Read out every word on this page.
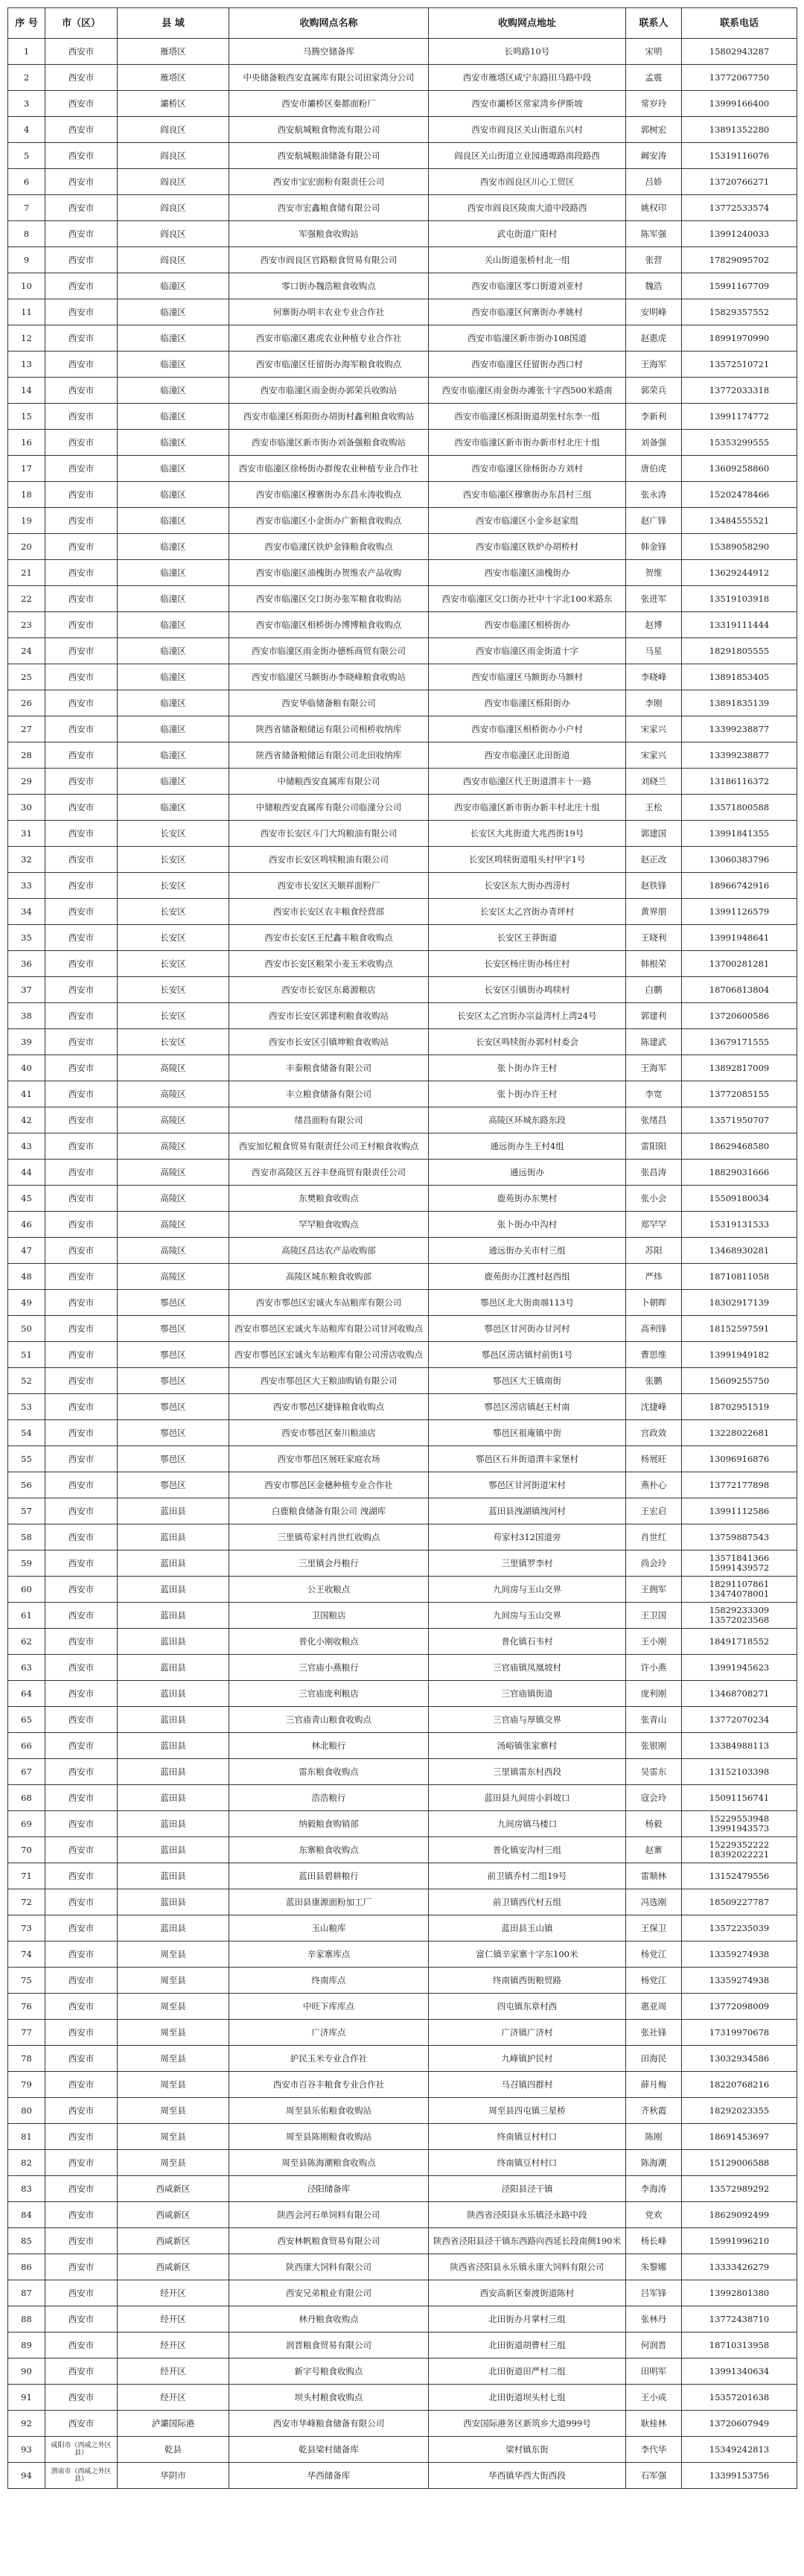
序 号	市（区）	县 域	收购网点名称	收购网点地址	联系人	联系电话
1	西安市	雁塔区	马腾空储备库	长鸣路10号	宋明	15802943287
2	西安市	雁塔区	中央储备粮西安直属库有限公司田家湾分公司	西安市雁塔区咸宁东路田马路中段	孟震	13772067750
3	西安市	灞桥区	西安市灞桥区秦都面粉厂	西安市灞桥区常家湾乡伊斯坡	常岁玲	13999166400
4	西安市	阎良区	西安航城粮食物流有限公司	西安市阎良区关山街道东兴村	郭树宏	13891352280
5	西安市	阎良区	西安航城粮油储备有限公司	阎良区关山街道立业园通塬路南段路西	阚安涛	15319116076
6	西安市	阎良区	西安市宝宏面粉有限责任公司	西安市阎良区川心工贸区	吕娇	13720766271
7	西安市	阎良区	西安市宏鑫粮食储有限公司	西安市阎良区陵南大道中段路西	姚权印	13772533574
8	西安市	阎良区	军强粮食收购站	武屯街道广阳村	陈军强	13991240033
9	西安市	阎良区	西安市阎良区官路粮食贸易有限公司	关山街道张桥村北一组	张营	17829095702
10	西安市	临潼区	零口街办魏浩粮食收购点	西安市临潼区零口街道刘亚村	魏浩	15991167709
11	西安市	临潼区	何寨街办明丰农业专业合作社	西安市临潼区何寨街办孝姚村	安明峰	15829357552
12	西安市	临潼区	西安市临潼区惠虎农业种植专业合作社	西安市临潼区新市街办108国道	赵惠虎	18991970990
13	西安市	临潼区	西安市临潼区任留街办海军粮食收购点	西安市临潼区任留街办西口村	王海军	13572510721
14	西安市	临潼区	西安市临潼区雨金街办郭荣兵收购站	西安市临潼区雨金街办滩张十字西500米路南	郭荣兵	13772033318
15	西安市	临潼区	西安市临潼区栎阳街办胡街村鑫利粮食收购站	西安市临潼区栎阳街道胡张村东李一组	李新利	13991174772
16	西安市	临潼区	西安市临潼区新市街办刘备强粮食收购站	西安市临潼区新市街办新市村北庄十组	刘备强	15353299555
17	西安市	临潼区	西安市临潼区徐杨街办群俊农业种植专业合作社	西安市临潼区徐杨街办方刘村	唐伯虎	13609258860
18	西安市	临潼区	西安市临潼区穆寨街办东昌永涛收购点	西安市临潼区穆寨街办东昌村三组	张永涛	15202478466
19	西安市	临潼区	西安市临潼区小金街办广新粮食收购点	西安市临潼区小金乡赵家组	赵广锋	13484555521
20	西安市	临潼区	西安市临潼区铁炉金锋粮食收购点	西安市临潼区铁炉办胡桥村	韩金锋	15389058290
21	西安市	临潼区	西安市临潼区油槐街办贺维农产品收购	西安市临潼区油槐街办	贺维	13629244912
22	西安市	临潼区	西安市临潼区交口街办张军粮食收购站	西安市临潼区交口街办社中十字北100米路东	张进军	13519103918
23	西安市	临潼区	西安市临潼区相桥街办博博粮食收购点	西安市临潼区相桥街办	赵博	13319111444
24	西安市	临潼区	西安市临潼区雨金街办德栎商贸有限公司	西安市临潼区雨金街道十字	马星	18291805555
25	西安市	临潼区	西安市临潼区马额街办李晓峰粮食收购站	西安市临潼区马额街办马额村	李晓峰	13891853405
26	西安市	临潼区	西安华临储备粮有限公司	西安市临潼区栎阳街办	李刚	13891835139
27	西安市	临潼区	陕西省储备粮储运有限公司相桥收纳库	西安市临潼区相桥街办小户村	宋家兴	13399238877
28	西安市	临潼区	陕西省储备粮储运有限公司北田收纳库	西安市临潼区北田街道	宋家兴	13399238877
29	西安市	临潼区	中储粮西安直属库有限公司	西安市临潼区代王街道渭丰十一路	刘晓兰	13186116372
30	西安市	临潼区	中储粮西安直属库有限公司临潼分公司	西安市临潼区新市街办新丰村北庄十组	王松	13571800588
31	西安市	长安区	西安市长安区斗门大坞粮油有限公司	长安区大兆街道大兆西街19号	郭建国	13991841355
32	西安市	长安区	西安市长安区鸣犊粮油有限公司	长安区鸣犊街道咀头村甲字1号	赵正改	13060383796
33	西安市	长安区	西安市长安区天顺祥面粉厂	长安区东大街办西涝村	赵铁锋	18966742916
34	西安市	长安区	西安市长安区农丰粮食经营部	长安区太乙宫街办青坪村	黄界朋	13991126579
35	西安市	长安区	西安市长安区王纪鑫丰粮食收购点	长安区王莽街道	王晓利	13991948641
36	西安市	长安区	西安市长安区粮荣小麦玉米收购点	长安区杨庄街办杨庄村	韩根荣	13700281281
37	西安市	长安区	西安市长安区东葛源粮店	长安区引镇街办鸣犊村	白鹏	18706813804
38	西安市	长安区	西安市长安区郭建利粮食收购站	长安区太乙宫街办宗益湾村上湾24号	郭建利	13720600586
39	西安市	长安区	西安市长安区引镇坤粮食收购站	长安区鸣犊街办郭村村委会	陈建武	13679171555
40	西安市	高陵区	丰泰粮食储备有限公司	张卜街办许王村	王海军	13892817009
41	西安市	高陵区	丰立粮食储备有限公司	张卜街办许王村	李宽	13772085155
42	西安市	高陵区	绪昌面粉有限公司	高陵区环城东路东段	张绪昌	13571950707
43	西安市	高陵区	西安加忆粮食贸易有限责任公司王村粮食收购点	通远街办生王村4组	雷阳阳	18629468580
44	西安市	高陵区	西安市高陵区五谷丰登商贸有限责任公司	通远街办	张昌涛	18829031666
45	西安市	高陵区	东樊粮食收购点	鹿苑街办东樊村	张小会	15509180034
46	西安市	高陵区	罕罕粮食收购点	张卜街办中沟村	郑罕罕	15319131533
47	西安市	高陵区	高陵区昌达农产品收购部	通远街办关市村三组	苏阳	13468930281
48	西安市	高陵区	高陵区城东粮食收购部	鹿苑街办江渡村赵西组	严炜	18710811058
49	西安市	鄠邑区	西安市鄠邑区宏诚火车站粮库有限公司	鄠邑区北大街南端113号	卜朝晖	18302917139
50	西安市	鄠邑区	西安市鄠邑区宏诚火车站粮库有限公司甘河收购点	鄠邑区甘河街办甘河村	高利锋	18152597591
51	西安市	鄠邑区	西安市鄠邑区宏诚火车站粮库有限公司涝店收购点	鄠邑区涝店镇村前街1号	曹思维	13991949182
52	西安市	鄠邑区	西安市鄠邑区大王粮油购销有限公司	鄠邑区大王镇南街	张鹏	15609255750
53	西安市	鄠邑区	西安市鄠邑区捷锋粮食收购点	鄠邑区涝店镇赵王村南	沈捷峰	18702951519
54	西安市	鄠邑区	西安市鄠邑区秦川粮油店	鄠邑区祖庵镇中街	宫政效	13228022681
55	西安市	鄠邑区	西安市鄠邑区展旺家庭农场	鄠邑区石井街道渭丰家堡村	杨展旺	13096916876
56	西安市	鄠邑区	西安市鄠邑区金穗种植专业合作社	鄠邑区甘河街道宋村	燕朴心	13772177898
57	西安市	蓝田县	白鹿粮食储备有限公司 洩湖库	蓝田县洩湖镇洩河村	王宏启	13991112586
58	西安市	蓝田县	三里镇苟家村肖世红收购点	苟家村312国道旁	肖世红	13759887543
59	西安市	蓝田县	三里镇会丹粮行	三里镇罗李村	尚会玲	13571841366 15991439572
60	西安市	蓝田县	公王收粮点	九间房与玉山交界	王拥军	18291107861 13474078001
61	西安市	蓝田县	卫国粮店	九间房与玉山交界	王卫国	15829233309 13572023568
62	西安市	蓝田县	普化小刚收粮点	普化镇石韦村	王小刚	18491718552
63	西安市	蓝田县	三官庙小燕粮行	三官庙镇凤凰坡村	许小燕	13991945623
64	西安市	蓝田县	三官庙庞利粮店	三官庙镇街道	庞利刚	13468708271
65	西安市	蓝田县	三官庙青山粮食收购点	三官庙与厚镇交界	张青山	13772070234
66	西安市	蓝田县	林北粮行	汤峪镇张家寨村	张银刚	13384988113
67	西安市	蓝田县	雷东粮食收购点	三里镇雷东村西段	吴雷东	13152103398
68	西安市	蓝田县	浩浩粮行	蓝田县九间房小斜坡口	寇会玲	15091156741
69	西安市	蓝田县	纳毅粮食购销部	九间房镇马楼口	杨毅	15229553948 13991943573
70	西安市	蓝田县	东寨粮食收购点	普化镇安沟村三组	赵寨	15229352222 18392022221
71	西安市	蓝田县	蓝田县碧耕粮行	前卫镇乔村二组19号	雷顺林	13152479556
72	西安市	蓝田县	蓝田县康源面粉加工厂	前卫镇西代村五组	冯选刚	18509227787
73	西安市	蓝田县	玉山粮库	蓝田县玉山镇	王保卫	13572235039
74	西安市	周至县	辛家寨库点	富仁镇辛家寨十字东100米	杨党江	13359274938
75	西安市	周至县	终南库点	终南镇西街粮贸路	杨党江	13359274938
76	西安市	周至县	中旺下库库点	四屯镇东章村西	惠亚周	13772098009
77	西安市	周至县	广济库点	广济镇广济村	张社锋	17319970678
78	西安市	周至县	护民玉米专业合作社	九峰镇护民村	田海民	13032934586
79	西安市	周至县	西安市百谷丰粮食专业合作社	马召镇四群村	薛月梅	18220768216
80	西安市	周至县	周至县乐佑粮食收购站	周至县四屯镇三星桥	齐秋霞	18292023355
81	西安市	周至县	周至县陈刚粮食收购站	终南镇豆村村口	陈刚	18691453697
82	西安市	周至县	周至县陈海潮粮食收购点	终南镇豆村村口	陈海潮	15129006588
83	西安市	西咸新区	泾阳储备库	泾阳县泾干镇	李海涛	13572989292
84	西安市	西咸新区	陕西会河石单饲料有限公司	陕西省泾阳县永乐镇泾永路中段	党欢	18629092499
85	西安市	西咸新区	西安林帆粮食贸易有限公司	陕西省泾阳县泾干镇东西路向西延长段南侧190米	杨长峰	15991996210
86	西安市	西咸新区	陕西康大饲料有限公司	陕西省泾阳县永乐镇永康大饲料有限公司	朱黎娜	13333426279
87	西安市	经开区	西安兄弟粮业有限公司	西安高新区秦渡街道陈村	吕军锋	13992801380
88	西安市	经开区	林丹粮食收购点	北田街办月掌村三组	张林丹	13772438710
89	西安市	经开区	润晋粮食贸易有限公司	北田街道胡曹村三组	何润晋	18710313958
90	西安市	经开区	新字号粮食收购点	北田街道田严村二组	田明军	13991340634
91	西安市	经开区	坝头村粮食收购点	北田街道坝头村七组	王小成	15357201638
92	西安市	泸灞国际港	西安市华峰粮食储备有限公司	西安国际港务区新筑乡大道999号	耿桂林	13720607949
93	咸阳市（西咸之外区县）	乾县	乾县梁村储备库	梁村镇东街	李代华	15349242813
94	渭南市（西咸之外区县）	华阴市	华西储备库	华西镇华西大街西段	石军强	13399153756
